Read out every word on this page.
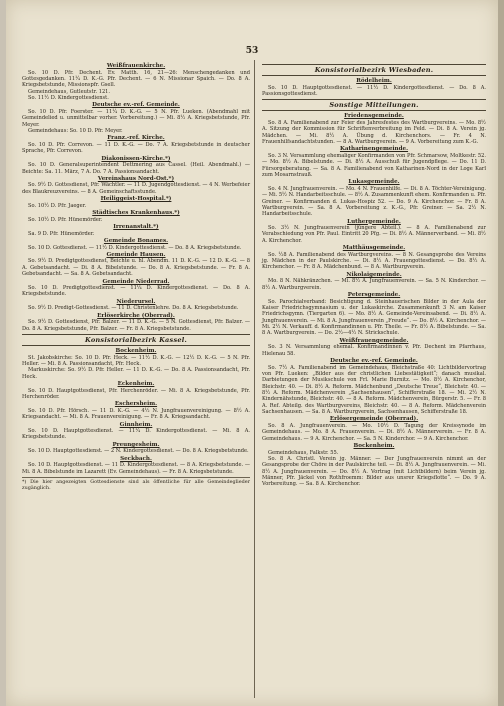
53
Weißfrauenkirche.
So. 10 D. Pfr. Dechent. Ev. Matth. 16, 21—26: Menschengedanken und Gottesgedanken. 11¼ D. K.-G. Pfr. Dechent. — 6 N. Missionar Spaich. — Do. 8 A. Kriegsbetstunde, Missionspfr. Gsell.
Gemeindehaus, Gutleutstr. 121.
So. 11½ D. Kindergottesdienst.
Deutsche ev.-ref. Gemeinde.
So. 10 D. Pfr. Foerster. — 11¼ D. K.-G. — 5 N. Pfr. Lueken. (Abendmahl mit Gemeindelied u. unmittelbar vorher. Vorbereitung.) — Mi. 8½ A. Kriegsbetstunde, Pfr. Meyer.
Gemeindehaus: So. 10 D. Pfr. Meyer.
Franz.-ref. Kirche.
So. 10 D. Pfr. Correvon. — 11 D. K.-G. — Do. 7 A. Kriegsbetstunde in deutscher Sprache, Pfr. Correvon.
Diakonissen-Kirche.*)
So. 10 D. Generalsuperintendent Dettmering aus Cassel. (Heil. Abendmahl.) — Beichte: Sa. 11. März, 7 A. Do. 7 A. Passionsandacht.
Vereinshaus Nord-Ost.*)
So. 9½ D. Gottesdienst, Pfr. Wächtler. — 11 D. Jugendgottesdienst. — 4 N. Werbefeier des Blaukreuzvereins. — 8 A. Gemeinschaftsstunde.
Heiliggeist-Hospital.*)
So. 10½ D. Pfr. Jaeger.
Städtisches Krankenhaus.*)
So. 10½ D. Pfr. Hünemörder.
Irrenanstalt.*)
Sa. 9 D. Pfr. Hünemörder.
Gemeinde Bonames.
So. 10 D. Gottesdienst. — 11½ D. Kindergottesdienst. — Do. 8 A. Kriegsbetstunde.
Gemeinde Hausen.
So. 9½ D. Predigtgottesdienst, Beichte u. hl. Abendm. 11 D. K.-G. — 12 D. K.-G. — 8 A. Gebetsandacht. — Di. 8 A. Bibelstunde. — Do. 8 A. Kriegsbetstunde. — Fr. 8 A. Gebetsandacht. — Sa. 8 A. Gebetsandacht.
Gemeinde Niederrad.
So. 10 D. Predigtgottesdienst. — 11¼ D. Kindergottesdienst. — Do. 8 A. Kriegsbetstunde.
Niederursel.
So. 9½ D. Predigt-Gottesdienst. — 11 D. Christenlehre. Do. 8 A. Kriegsbetstunde.
Erlöserkirche (Oberrad).
So. 9½ D. Gottesdienst, Pfr. Balzer. — 11 D. K.-G. — 5 N. Gottesdienst, Pfr. Balzer. — Do. 8 A. Kriegsbetstunde, Pfr. Balzer. — Fr. 8 A. Kriegsbetstunde.
Konsistorialbezirk Kassel.
Bockenheim.
St. Jakobskirche: So. 10 D. Pfr. Heck. — 11½ D. K.-G. — 12½ D. K.-G. — 5 N. Pfr. Heller. — Mi. 8 A. Passionsandacht, Pfr. Heck.
Markuskirche: So. 9½ D. Pfr. Heller. — 11 D. K.-G. — Do. 8 A. Passionsandacht, Pfr. Heck.
Eckenheim.
So. 10 D. Hauptgottesdienst, Pfr. Herchenröder. — Mi. 8 A. Kriegsbetstunde, Pfr. Herchenröder.
Eschersheim.
So. 10 D. Pfr. Hörsch. — 11 D. K.-G. — 4½ N. Jungfrauenvereinigung. — 8½ A. Kriegsandacht. — Mi. 8 A. Frauenvereinigung. — Fr. 8 A. Kriegsandacht.
Ginnheim.
So. 10 D. Hauptgottesdienst. — 11¼ D. Kindergottesdienst. — Mi. 8 A. Kriegsbetstunde.
Preungesheim.
So. 10 D. Hauptgottesdienst. — 2 N. Kindergottesdienst. — Do. 8 A. Kriegsbetstunde.
Seckbach.
So. 10 D. Hauptgottesdienst. — 11 D. Kindergottesdienst. — 8 A. Kriegsbetstunde. — Mi. 8 A. Bibelstunde im Lazarett (Ev. Gemeindehaus). — Fr. 8 A. Kriegsbetstunde.
*) Die hier angezeigten Gottesdienste sind als öffentliche für alle Gemeindeglieder zugänglich.
Konsistorialbezirk Wiesbaden.
Rödelheim.
So. 10 D. Hauptgottesdienst. — 11½ D. Kindergottesdienst. — Do. 8 A. Passionsgottesdienst.
Sonstige Mitteilungen.
Friedensgemeinde.
So. 8 A. Familienabend zur Feier des Jahresfestes des Wartburgvereins. — Mo. 8½ A. Sitzung der Kommission für Schriftenverbreitung im Feld. — Di. 8 A. Verein jg. Mädchen. — Mi. 8½ A. Übung d. Kirchenchors. — Fr. 4 N. Frauenhilfsandachtstunden. — 8 A. Wartburgverein. — 9 A. Vorbereitung zum K.-G.
Katharinengemeinde.
So. 3 N. Versammlung ehemaliger Konfirmanden von Pfr. Schmarsow, Moltkestr. 52. — Mo. 8½ A. Bibelstunde. — Di. 8½ A. Ausschuß für Jugendpflege. — Do. 11 D. Fürsorgeberatung. — Sa. 8 A. Familienabend von Katharinen-Nord in der Loge Karl zum Mosarnstrauß.
Lukasgemeinde.
So. 4 N. Jungfrauenverein. — Mo. 4 N. Frauenhilfe. — Di. 8 A. Töchter-Vereinigung. — Mi. 5½ N. Handarbeitsschule. — 8½ A. Zusammenkunft ehem. Konfirmanden u. Pfr. Greiner. — Konfirmanden d. Lukas-Hospiz 52. — Do. 9 A. Kirchenchor. — Fr. 8 A. Wartburgverein. — Sa. 8 A. Vorbereitung z. K.-G., Pfr. Greiner. — Sa. 2½ N. Handarbeitsschule.
Luthergemeinde.
So. 3½ N. Jungfrauenverein (jüngere Abteil.). — 8 A. Familienabend zur Verabschiedung von Pfr. Paul. Eintritt 20 Pfg. — Di. 8½ A. Männerverband. — Mi. 8½ A. Kirchenchor.
Matthäusgemeinde.
So. ½8 A. Familienabend des Wartburgvereins. — 8 N. Gesangsprobe des Vereins jg. Mädchen in der Paulskirche. — Di. 8½ A. Frauengottesdienst. — Do. 8½ A. Kirchenchor. — Fr. 8 A. Mädchenbund. — 8 A. Wartburgverein.
Nikolaigemeinde.
Mo. 8 N. Nähkränzchen. — Mi. 8½ A. Jungfrauenverein. — Sa. 5 N. Kinderchor. — 8½ A. Wartburgverein.
Petersgemeinde.
So. Parochialverband: Besichtigung d. Steinhauerischen Bilder in der Aula der Kaiser Friedrichsgymnasium u. der Lukaskirche. Zusammenkunft 3 N. am Kaiser Friedrichsgymn. (Tiergarten 6). — Mo. 8½ A. Gemeinde-Vereinsabend. — Di. 8½ A. Jungfrauenverein. — Mi. 8 A. Jungfrauenverein „Freude“. — Do. 8½ A. Kirchenchor. — Mi. 2½ N. Verkauff. d. Konfirmandinnen u. Pfr. Theile. — Fr. 8½ A. Bibelstunde. — Sa. 8 A. Wartburgverein. — Do. 2½—4½ N. Strickschule.
Weißfrauengemeinde.
So. 3 N. Versammlung ehemal. Konfirmandinnen v. Pfr. Dechent im Pfarrhaus, Hielenau 58.
Deutsche ev.-ref. Gemeinde.
So. 7½ A. Familienabend im Gemeindehaus, Bleichstraße 40: Lichtbildervortrag von Pfr. Lueken: „Bilder aus der christlichen Liebestätigkeit“; danach musikal. Darbietungen der Musikschule von Frl. Marie Burnitz. — Mo. 8½ A. Kirchenchor, Bleichstr. 40. — Di. 8½ A. Reform. Mädchenbund „Deutsche Treue“, Bleichstr. 40. — 8½ A. Reform. Mädchenverein „Sachsenhausen“, Schifferstraße 18. — Mi. 2½ N. Kindernähstunde, Bleichstr. 40. — 8 A. Reform. Mädchenverein, Bürgerstr. 5. — Fr. 8 A. Ref. Abteilg. des Wartburgvereins, Bleichstr. 40. — 8 A. Reform. Mädchenverein Sachsenhausen. — Sa. 8 A. Wartburgverein, Sachsenhausen, Schifferstraße 18.
Erlösergemeinde (Oberrad).
So. 8 A. Jungfrauenverein. — Mo. 10½ D. Tagung der Kreissynode im Gemeindehaus. — Mo. 8 A. Frauenverein. — Di. 8½ A. Männerverein. — Fr. 8 A. Gemeindehaus. — 9 A. Kirchenchor. — Sa. 5 N. Kinderchor. — 9 A. Kirchenchor.
Bockenheim.
Gemeindehaus, Falkstr. 55.
So. 8 A. Christl. Verein jg. Männer. — Der Jungfrauenverein nimmt an der Gesangsprobe der Chöre in der Paulskirche teil. — Di. 8½ A. Jungfrauenverein. — Mi. 8½ A. Jungfrauenverein. — Do. 8½ A. Vortrag (mit Lichtbildern) beim Verein jg. Männer, Pfr. Jäckel von Rothfroemm: Bilder aus unsrer Kriegsflotte“. — Do. 9 A. Vorbereitung. — Sa. 8 A. Kirchenchor.
